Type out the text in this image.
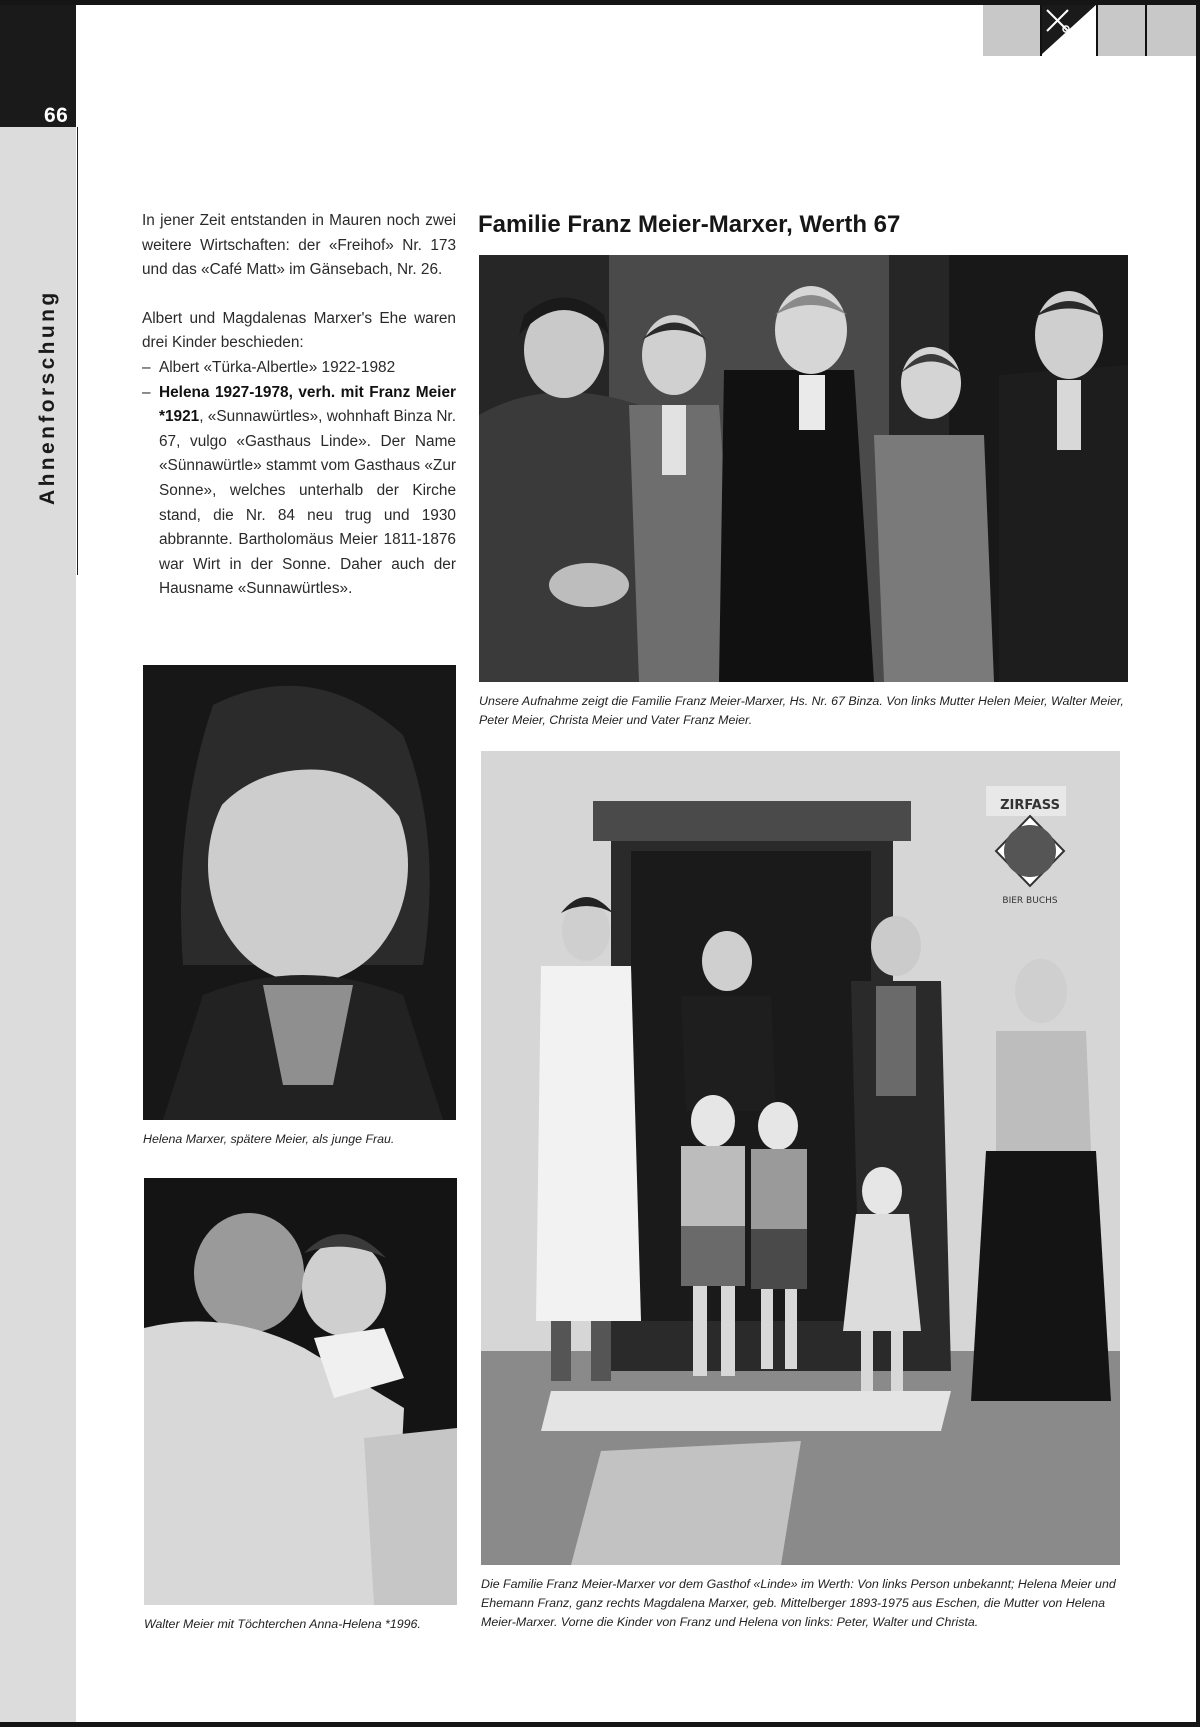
66
Ahnenforschung

In jener Zeit entstanden in Mauren noch zwei weitere Wirtschaften: der «Freihof» Nr. 173 und das «Café Matt» im Gänsebach, Nr. 26.

Albert und Magdalenas Marxer's Ehe waren drei Kinder beschieden:

– Albert «Türka-Albertle» 1922-1982
– Helena 1927-1978, verh. mit Franz Meier *1921, «Sunnawürtles», wohnhaft Binza Nr. 67, vulgo «Gasthaus Linde». Der Name «Sünnawürtle» stammt vom Gasthaus «Zur Sonne», welches unterhalb der Kirche stand, die Nr. 84 neu trug und 1930 abbrannte. Bartholomäus Meier 1811-1876 war Wirt in der Sonne. Daher auch der Hausname «Sunnawürtles».
Familie Franz Meier-Marxer, Werth 67
Unsere Aufnahme zeigt die Familie Franz Meier-Marxer, Hs. Nr. 67 Binza. Von links Mutter Helen Meier, Walter Meier, Peter Meier, Christa Meier und Vater Franz Meier.
Helena Marxer, spätere Meier, als junge Frau.
Walter Meier mit Töchterchen Anna-Helena *1996.
ZIRFASS
BIER BUCHS
Die Familie Franz Meier-Marxer vor dem Gasthof «Linde» im Werth: Von links Person unbekannt; Helena Meier und Ehemann Franz, ganz rechts Magdalena Marxer, geb. Mittelberger 1893-1975 aus Eschen, die Mutter von Helena Meier-Marxer. Vorne die Kinder von Franz und Helena von links: Peter, Walter und Christa.
